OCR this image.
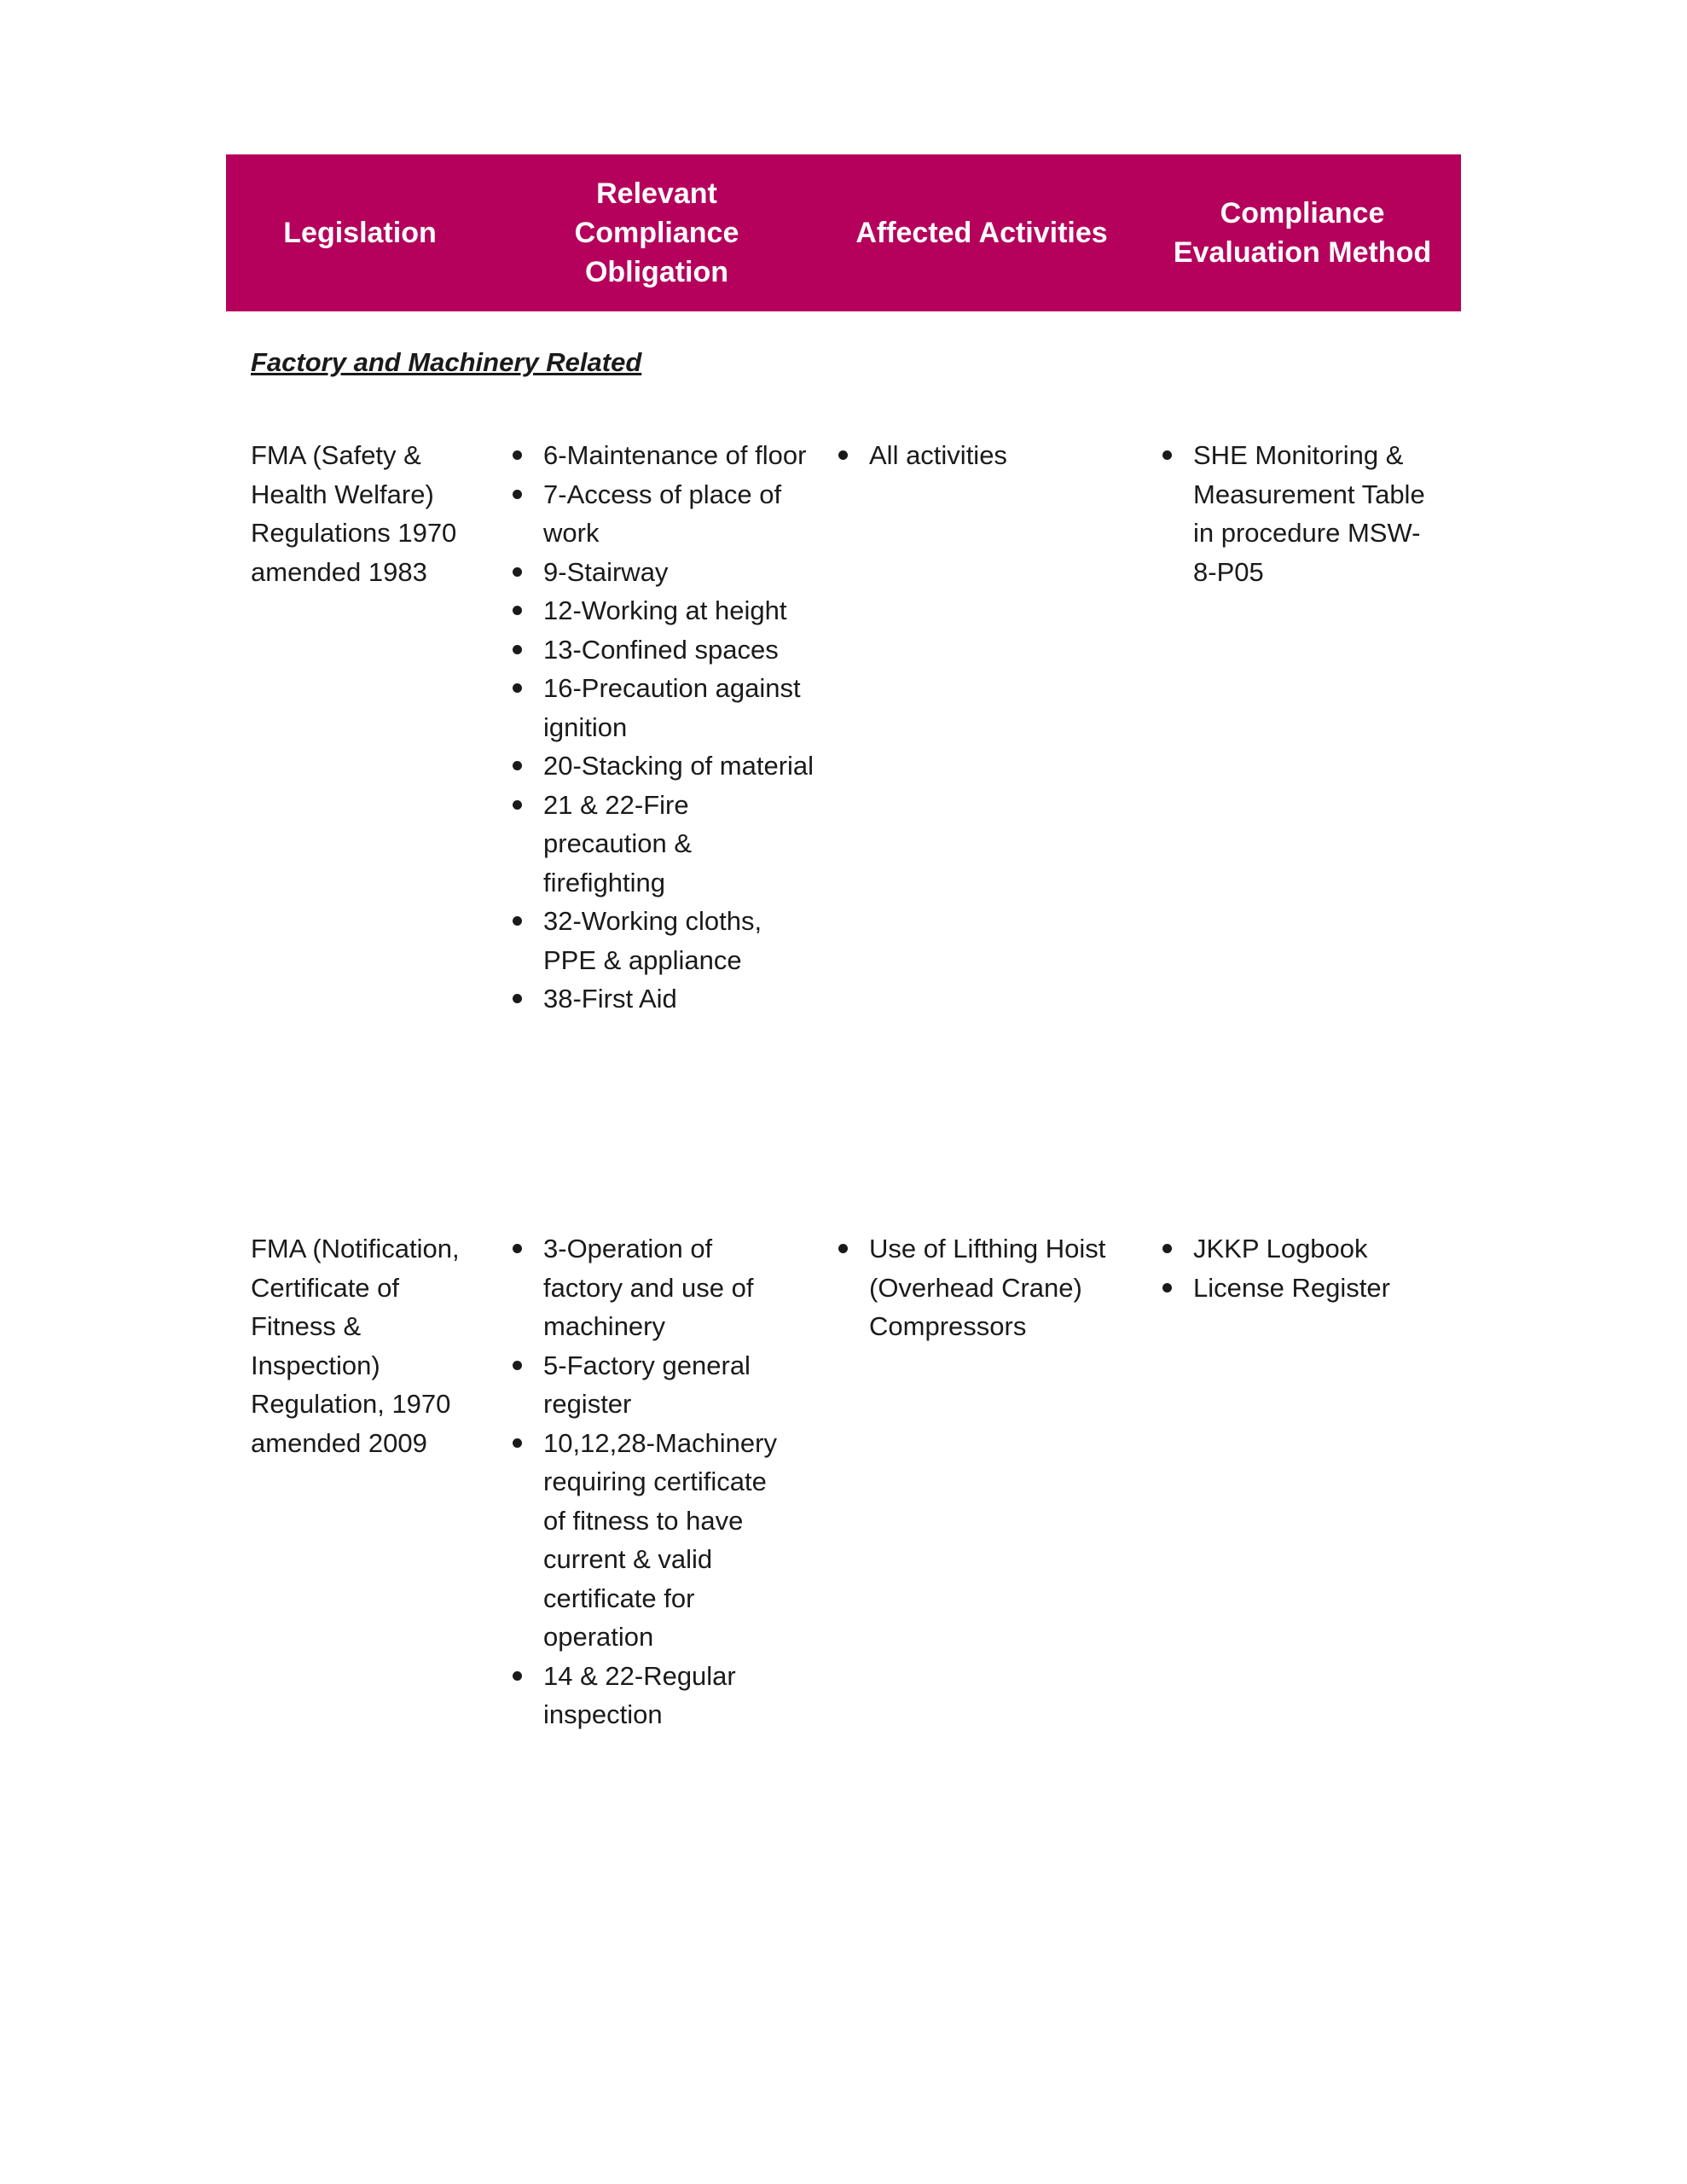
Legislation
Relevant Compliance Obligation
Affected Activities
Compliance Evaluation Method
Factory and Machinery Related
FMA (Safety & Health Welfare) Regulations 1970 amended 1983
6-Maintenance of floor
7-Access of place of work
9-Stairway
12-Working at height
13-Confined spaces
16-Precaution against ignition
20-Stacking of material
21 & 22-Fire precaution & firefighting
32-Working cloths, PPE & appliance
38-First Aid
All activities	SHE Monitoring & Measurement Table in procedure MSW-8-P05
FMA (Notification, Certificate of Fitness & Inspection) Regulation, 1970 amended 2009
3-Operation of factory and use of machinery
5-Factory general register
10,12,28-Machinery requiring certificate of fitness to have current & valid certificate for operation
14 & 22-Regular inspection
Use of Lifthing Hoist (Overhead Crane) Compressors
JKKP Logbook
License Register
